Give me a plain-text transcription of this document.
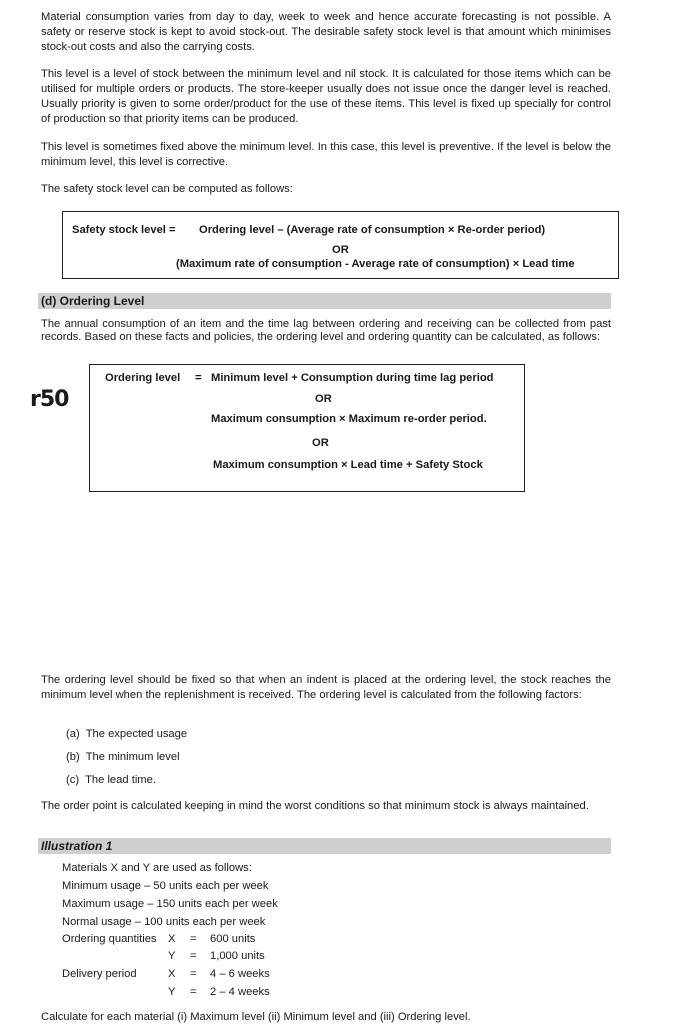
Material consumption varies from day to day, week to week and hence accurate forecasting is not possible. A safety or reserve stock is kept to avoid stock-out. The desirable safety stock level is that amount which minimises stock-out costs and also the carrying costs.

This level is a level of stock between the minimum level and nil stock. It is calculated for those items which can be utilised for multiple orders or products. The store-keeper usually does not issue once the danger level is reached. Usually priority is given to some order/product for the use of these items. This level is fixed up specially for control of production so that priority items can be produced.

This level is sometimes fixed above the minimum level. In this case, this level is preventive. If the level is below the minimum level, this level is corrective.

The safety stock level can be computed as follows:

Safety stock level = Ordering level – (Average rate of consumption × Re-order period)
OR
(Maximum rate of consumption - Average rate of consumption) × Lead time
(d) Ordering Level

The annual consumption of an item and the time lag between ordering and receiving can be collected from past records. Based on these facts and policies, the ordering level and ordering quantity can be calculated, as follows:

r50
Ordering level = Minimum level + Consumption during time lag period
OR
Maximum consumption × Maximum re-order period.
OR
Maximum consumption × Lead time + Safety Stock

The ordering level should be fixed so that when an indent is placed at the ordering level, the stock reaches the minimum level when the replenishment is received. The ordering level is calculated from the following factors:

(a) The expected usage
(b) The minimum level
(c) The lead time.

The order point is calculated keeping in mind the worst conditions so that minimum stock is always maintained.

Illustration 1
Materials X and Y are used as follows:
Minimum usage – 50 units each per week
Maximum usage – 150 units each per week
Normal usage – 100 units each per week
Ordering quantities X = 600 units
Y = 1,000 units
Delivery period	X = 4 – 6 weeks
Y = 2 – 4 weeks
Calculate for each material (i) Maximum level (ii) Minimum level and (iii) Ordering level.
